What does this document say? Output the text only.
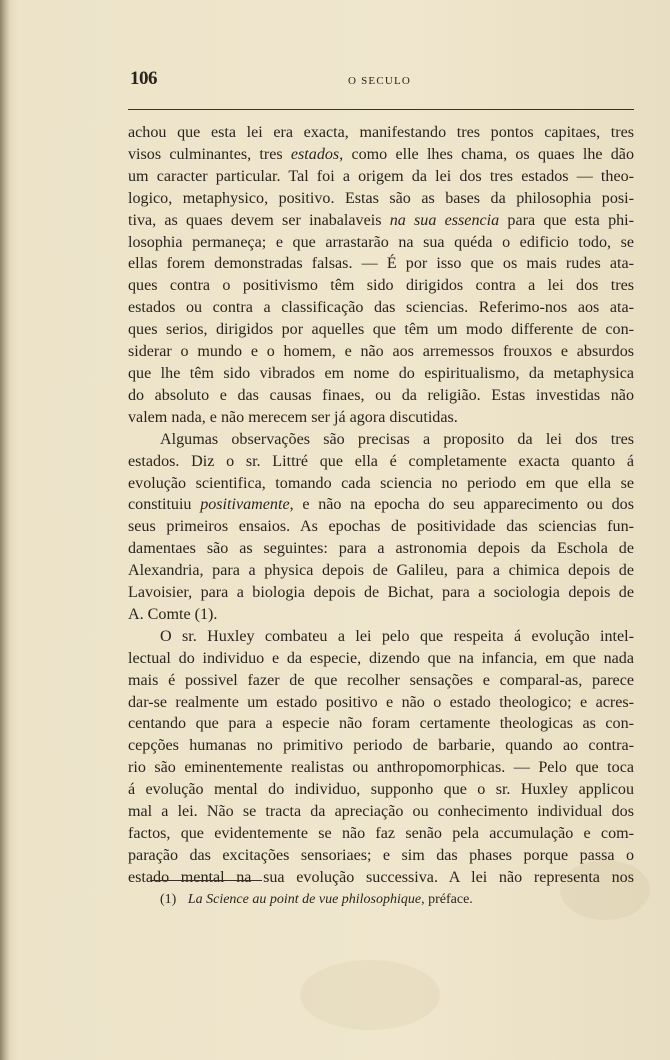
106	O SECULO
achou que esta lei era exacta, manifestando tres pontos capitaes, tres
visos culminantes, tres estados, como elle lhes chama, os quaes lhe dão
um caracter particular. Tal foi a origem da lei dos tres estados — theo-
logico, metaphysico, positivo. Estas são as bases da philosophia posi-
tiva, as quaes devem ser inabalaveis na sua essencia para que esta phi-
losophia permaneça; e que arrastarão na sua quéda o edificio todo, se
ellas forem demonstradas falsas. — É por isso que os mais rudes ata-
ques contra o positivismo têm sido dirigidos contra a lei dos tres
estados ou contra a classificação das sciencias. Referimo-nos aos ata-
ques serios, dirigidos por aquelles que têm um modo differente de con-
siderar o mundo e o homem, e não aos arremessos frouxos e absurdos
que lhe têm sido vibrados em nome do espiritualismo, da metaphysica
do absoluto e das causas finaes, ou da religião. Estas investidas não
valem nada, e não merecem ser já agora discutidas.
Algumas observações são precisas a proposito da lei dos tres
estados. Diz o sr. Littré que ella é completamente exacta quanto á
evolução scientifica, tomando cada sciencia no periodo em que ella se
constituiu positivamente, e não na epocha do seu apparecimento ou dos
seus primeiros ensaios. As epochas de positividade das sciencias fun-
damentaes são as seguintes: para a astronomia depois da Eschola de
Alexandria, para a physica depois de Galileu, para a chimica depois de
Lavoisier, para a biologia depois de Bichat, para a sociologia depois de
A. Comte (1).
O sr. Huxley combateu a lei pelo que respeita á evolução intel-
lectual do individuo e da especie, dizendo que na infancia, em que nada
mais é possivel fazer de que recolher sensações e comparal-as, parece
dar-se realmente um estado positivo e não o estado theologico; e acres-
centando que para a especie não foram certamente theologicas as con-
cepções humanas no primitivo periodo de barbarie, quando ao contra-
rio são eminentemente realistas ou anthropomorphicas. — Pelo que toca
á evolução mental do individuo, supponho que o sr. Huxley applicou
mal a lei. Não se tracta da apreciação ou conhecimento individual dos
factos, que evidentemente se não faz senão pela accumulação e com-
paração das excitações sensoriaes; e sim das phases porque passa o
estado mental na sua evolução successiva. A lei não representa nos
(1) La Science au point de vue philosophique, préface.
